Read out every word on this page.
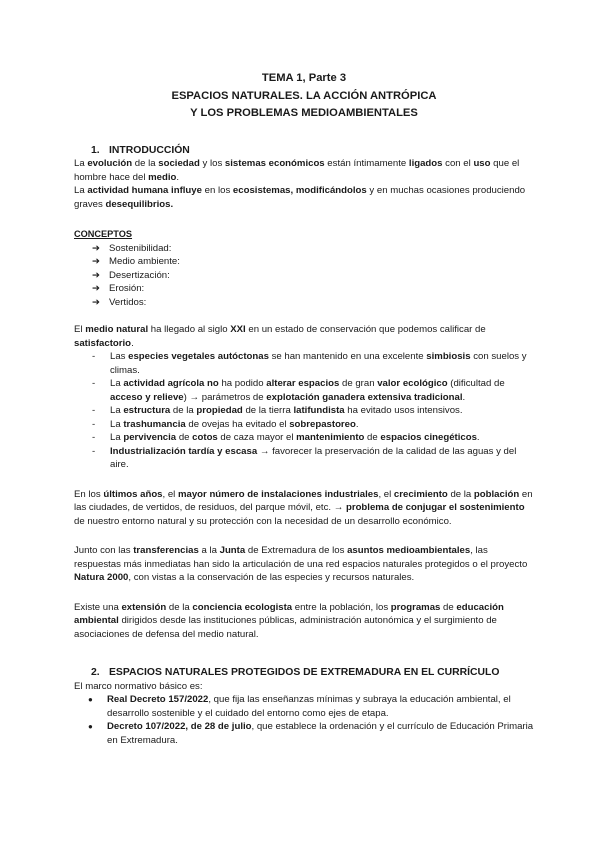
TEMA 1, Parte 3
ESPACIOS NATURALES. LA ACCIÓN ANTRÓPICA
Y LOS PROBLEMAS MEDIOAMBIENTALES
1. INTRODUCCIÓN

La evolución de la sociedad y los sistemas económicos están íntimamente ligados con el uso que el hombre hace del medio.

La actividad humana influye en los ecosistemas, modificándolos y en muchas ocasiones produciendo graves desequilibrios.

CONCEPTOS
➔ Sostenibilidad:
➔ Medio ambiente:
➔ Desertización:
➔ Erosión:
➔ Vertidos:

El medio natural ha llegado al siglo XXI en un estado de conservación que podemos calificar de satisfactorio.

-	Las especies vegetales autóctonas se han mantenido en una excelente simbiosis con suelos y climas.
-	La actividad agrícola no ha podido alterar espacios de gran valor ecológico (dificultad de acceso y relieve) → parámetros de explotación ganadera extensiva tradicional.
-	La estructura de la propiedad de la tierra latifundista ha evitado usos intensivos.
-	La trashumancia de ovejas ha evitado el sobrepastoreo.
-	La pervivencia de cotos de caza mayor el mantenimiento de espacios cinegéticos.
-	Industrialización tardía y escasa → favorecer la preservación de la calidad de las aguas y del aire.

En los últimos años, el mayor número de instalaciones industriales, el crecimiento de la población en las ciudades, de vertidos, de residuos, del parque móvil, etc. → problema de conjugar el sostenimiento de nuestro entorno natural y su protección con la necesidad de un desarrollo económico.

Junto con las transferencias a la Junta de Extremadura de los asuntos medioambientales, las respuestas más inmediatas han sido la articulación de una red espacios naturales protegidos o el proyecto Natura 2000, con vistas a la conservación de las especies y recursos naturales.

Existe una extensión de la conciencia ecologista entre la población, los programas de educación ambiental dirigidos desde las instituciones públicas, administración autonómica y el surgimiento de asociaciones de defensa del medio natural.

2. ESPACIOS NATURALES PROTEGIDOS DE EXTREMADURA EN EL CURRÍCULO

El marco normativo básico es:

●	Real Decreto 157/2022, que fija las enseñanzas mínimas y subraya la educación ambiental, el desarrollo sostenible y el cuidado del entorno como ejes de etapa.
●	Decreto 107/2022, de 28 de julio, que establece la ordenación y el currículo de Educación Primaria en Extremadura.
